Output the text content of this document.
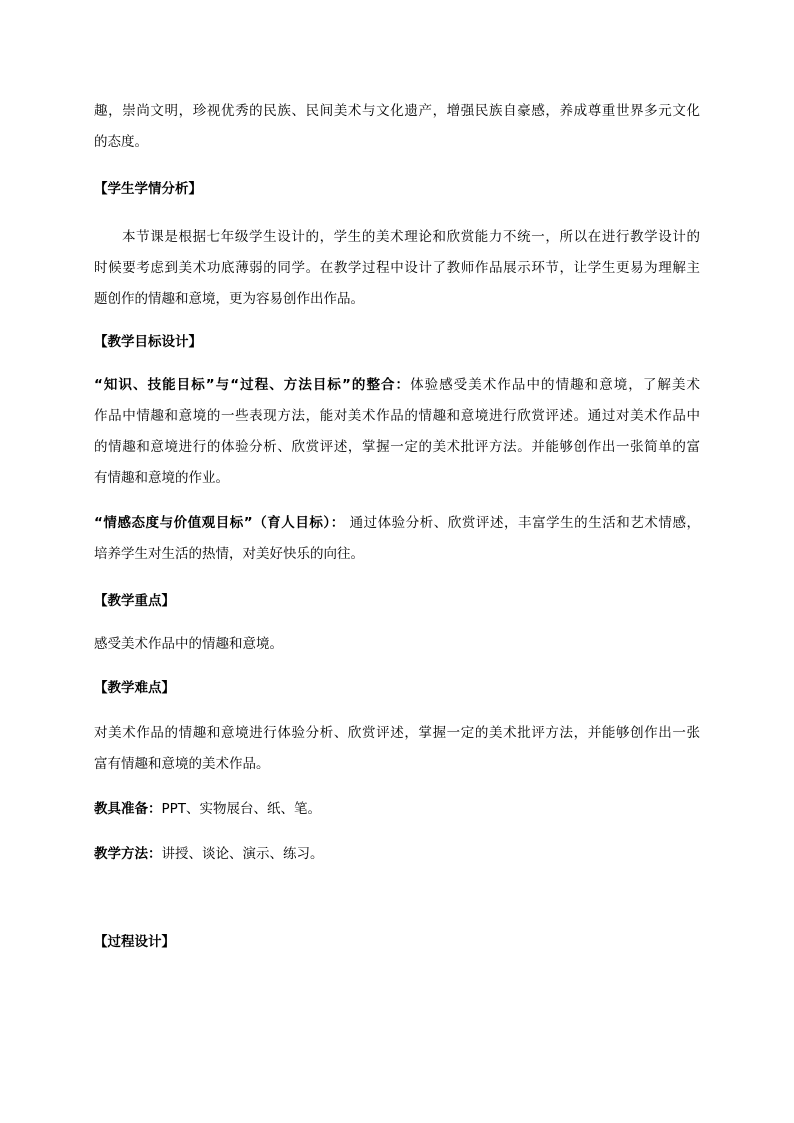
趣，崇尚文明，珍视优秀的民族、民间美术与文化遗产，增强民族自豪感，养成尊重世界多元文化
的态度。
【学生学情分析】
本节课是根据七年级学生设计的，学生的美术理论和欣赏能力不统一，所以在进行教学设计的
时候要考虑到美术功底薄弱的同学。在教学过程中设计了教师作品展示环节，让学生更易为理解主
题创作的情趣和意境，更为容易创作出作品。
【教学目标设计】
“知识、技能目标”与“过程、方法目标”的整合：体验感受美术作品中的情趣和意境，了解美术
作品中情趣和意境的一些表现方法，能对美术作品的情趣和意境进行欣赏评述。通过对美术作品中
的情趣和意境进行的体验分析、欣赏评述，掌握一定的美术批评方法。并能够创作出一张简单的富
有情趣和意境的作业。
“情感态度与价值观目标”（育人目标）： 通过体验分析、欣赏评述，丰富学生的生活和艺术情感，
培养学生对生活的热情，对美好快乐的向往。
【教学重点】
感受美术作品中的情趣和意境。
【教学难点】
对美术作品的情趣和意境进行体验分析、欣赏评述，掌握一定的美术批评方法，并能够创作出一张
富有情趣和意境的美术作品。
教具准备：PPT、实物展台、纸、笔。
教学方法：讲授、谈论、演示、练习。
【过程设计】
